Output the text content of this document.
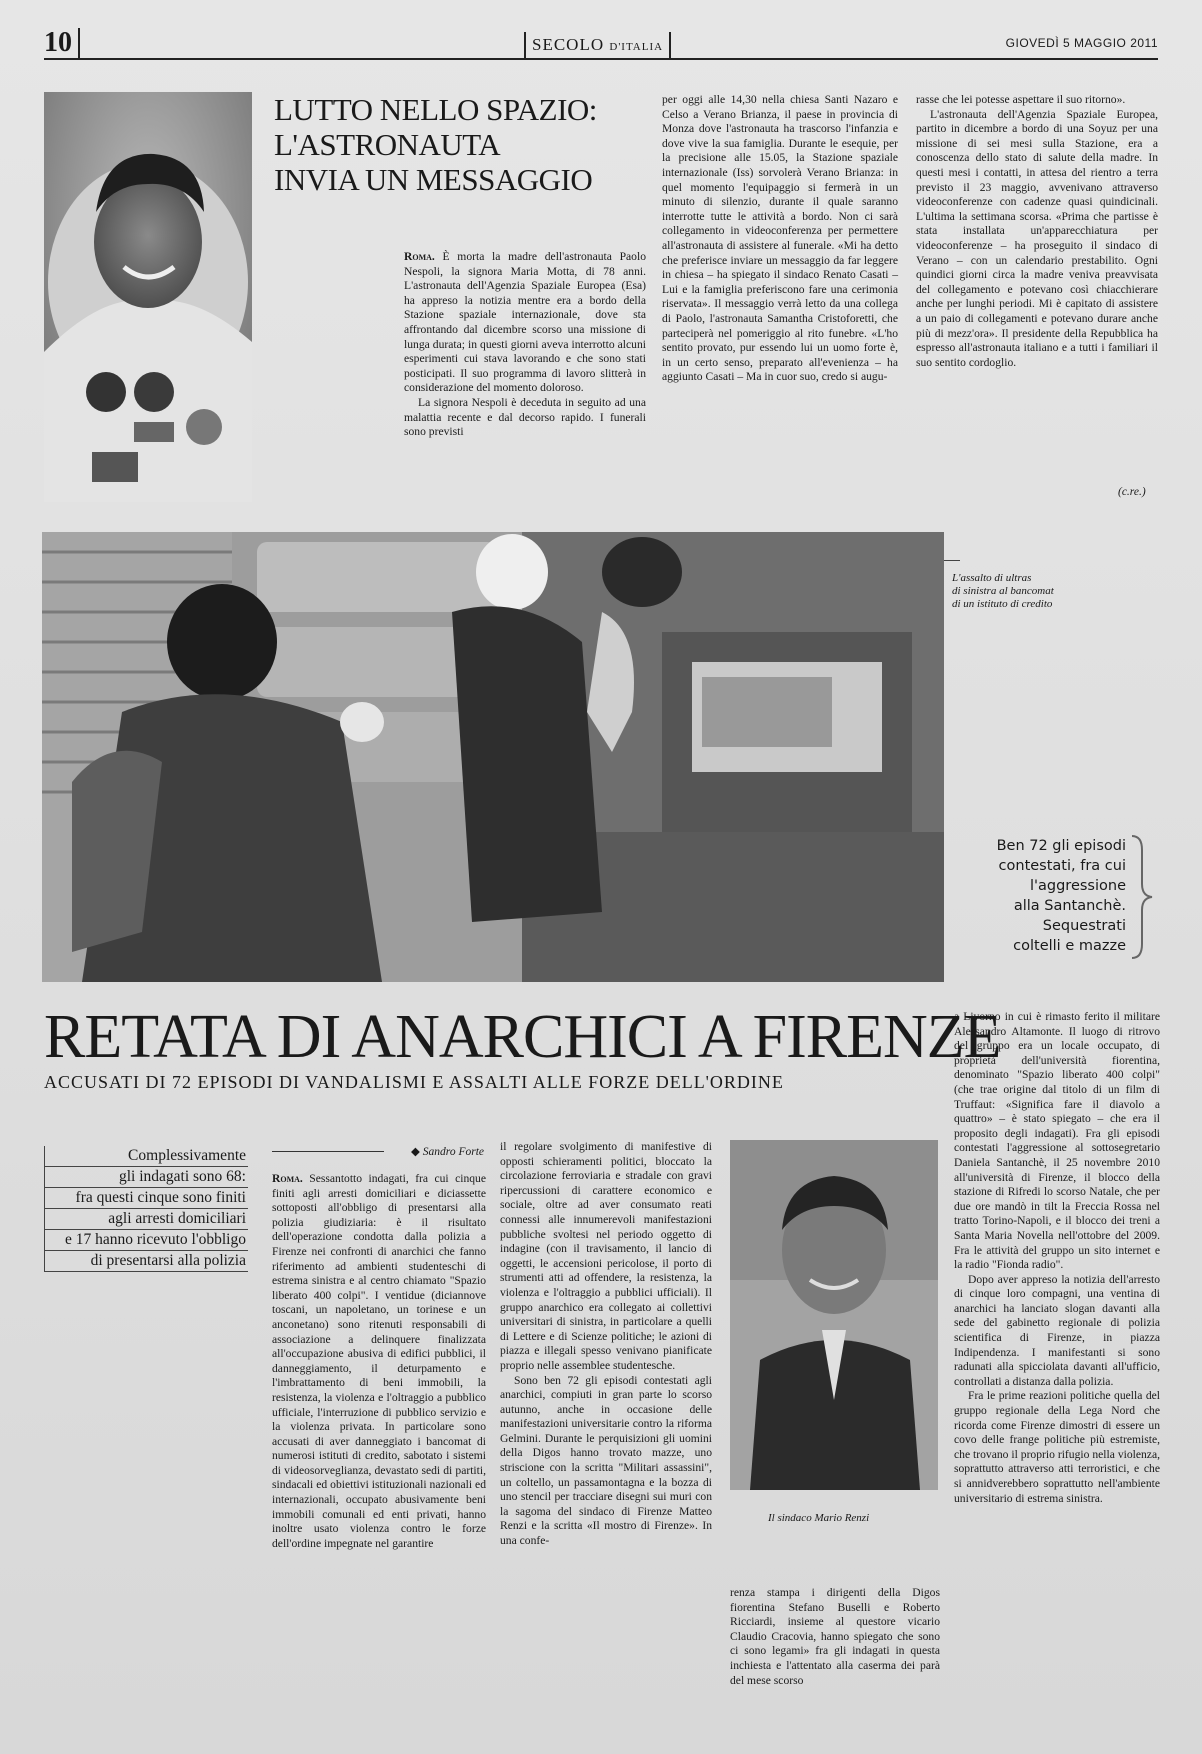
10	SECOLO D'ITALIA	GIOVEDÌ 5 MAGGIO 2011
LUTTO NELLO SPAZIO:
L'ASTRONAUTA
INVIA UN MESSAGGIO

Roma. È morta la madre dell'astronauta Paolo Nespoli, la signora Maria Motta, di 78 anni. L'astronauta dell'Agenzia Spaziale Europea (Esa) ha appreso la notizia mentre era a bordo della Stazione spaziale internazionale, dove sta affrontando dal dicembre scorso una missione di lunga durata; in questi giorni aveva interrotto alcuni esperimenti cui stava lavorando e che sono stati posticipati. Il suo programma di lavoro slitterà in considerazione del momento doloroso.

La signora Nespoli è deceduta in seguito ad una malattia recente e dal decorso rapido. I funerali sono previsti

per oggi alle 14,30 nella chiesa Santi Nazaro e Celso a Verano Brianza, il paese in provincia di Monza dove l'astronauta ha trascorso l'infanzia e dove vive la sua famiglia. Durante le esequie, per la precisione alle 15.05, la Stazione spaziale internazionale (Iss) sorvolerà Verano Brianza: in quel momento l'equipaggio si fermerà in un minuto di silenzio, durante il quale saranno interrotte tutte le attività a bordo. Non ci sarà collegamento in videoconferenza per permettere all'astronauta di assistere al funerale. «Mi ha detto che preferisce inviare un messaggio da far leggere in chiesa – ha spiegato il sindaco Renato Casati – Lui e la famiglia preferiscono fare una cerimonia riservata». Il messaggio verrà letto da una collega di Paolo, l'astronauta Samantha Cristoforetti, che parteciperà nel pomeriggio al rito funebre. «L'ho sentito provato, pur essendo lui un uomo forte è, in un certo senso, preparato all'evenienza – ha aggiunto Casati – Ma in cuor suo, credo si augu-

rasse che lei potesse aspettare il suo ritorno».

L'astronauta dell'Agenzia Spaziale Europea, partito in dicembre a bordo di una Soyuz per una missione di sei mesi sulla Stazione, era a conoscenza dello stato di salute della madre. In questi mesi i contatti, in attesa del rientro a terra previsto il 23 maggio, avvenivano attraverso videoconferenze con cadenze quasi quindicinali. L'ultima la settimana scorsa. «Prima che partisse è stata installata un'apparecchiatura per videoconferenze – ha proseguito il sindaco di Verano – con un calendario prestabilito. Ogni quindici giorni circa la madre veniva preavvisata del collegamento e potevano così chiacchierare anche per lunghi periodi. Mi è capitato di assistere a un paio di collegamenti e potevano durare anche più di mezz'ora». Il presidente della Repubblica ha espresso all'astronauta italiano e a tutti i familiari il suo sentito cordoglio.

(c.re.)
L'assalto di ultras
di sinistra al bancomat
di un istituto di credito
Ben 72 gli episodi
contestati, fra cui
l'aggressione
alla Santanchè.
Sequestrati
coltelli e mazze
RETATA DI ANARCHICI A FIRENZE
ACCUSATI DI 72 EPISODI DI VANDALISMI E ASSALTI ALLE FORZE DELL'ORDINE
Complessivamente
gli indagati sono 68:
fra questi cinque sono finiti
agli arresti domiciliari
e 17 hanno ricevuto l'obbligo
di presentarsi alla polizia
◆ Sandro Forte

Roma. Sessantotto indagati, fra cui cinque finiti agli arresti domiciliari e diciassette sottoposti all'obbligo di presentarsi alla polizia giudiziaria: è il risultato dell'operazione condotta dalla polizia a Firenze nei confronti di anarchici che fanno riferimento ad ambienti studenteschi di estrema sinistra e al centro chiamato "Spazio liberato 400 colpi". I ventidue (diciannove toscani, un napoletano, un torinese e un anconetano) sono ritenuti responsabili di associazione a delinquere finalizzata all'occupazione abusiva di edifici pubblici, il danneggiamento, il deturpamento e l'imbrattamento di beni immobili, la resistenza, la violenza e l'oltraggio a pubblico ufficiale, l'interruzione di pubblico servizio e la violenza privata. In particolare sono accusati di aver danneggiato i bancomat di numerosi istituti di credito, sabotato i sistemi di videosorveglianza, devastato sedi di partiti, sindacali ed obiettivi istituzionali nazionali ed internazionali, occupato abusivamente beni immobili comunali ed enti privati, hanno inoltre usato violenza contro le forze dell'ordine impegnate nel garantire

il regolare svolgimento di manifestive di opposti schieramenti politici, bloccato la circolazione ferroviaria e stradale con gravi ripercussioni di carattere economico e sociale, oltre ad aver consumato reati connessi alle innumerevoli manifestazioni pubbliche svoltesi nel periodo oggetto di indagine (con il travisamento, il lancio di oggetti, le accensioni pericolose, il porto di strumenti atti ad offendere, la resistenza, la violenza e l'oltraggio a pubblici ufficiali). Il gruppo anarchico era collegato ai collettivi universitari di sinistra, in particolare a quelli di Lettere e di Scienze politiche; le azioni di piazza e illegali spesso venivano pianificate proprio nelle assemblee studentesche.

Sono ben 72 gli episodi contestati agli anarchici, compiuti in gran parte lo scorso autunno, anche in occasione delle manifestazioni universitarie contro la riforma Gelmini. Durante le perquisizioni gli uomini della Digos hanno trovato mazze, uno striscione con la scritta "Militari assassini", un coltello, un passamontagna e la bozza di uno stencil per tracciare disegni sui muri con la sagoma del sindaco di Firenze Matteo Renzi e la scritta «Il mostro di Firenze». In una confe-

Il sindaco Mario Renzi

renza stampa i dirigenti della Digos fiorentina Stefano Buselli e Roberto Ricciardi, insieme al questore vicario Claudio Cracovia, hanno spiegato che sono ci sono legami» fra gli indagati in questa inchiesta e l'attentato alla caserma dei parà del mese scorso

a Livorno in cui è rimasto ferito il militare Alessandro Altamonte. Il luogo di ritrovo del gruppo era un locale occupato, di proprietà dell'università fiorentina, denominato "Spazio liberato 400 colpi" (che trae origine dal titolo di un film di Truffaut: «Significa fare il diavolo a quattro» – è stato spiegato – che era il proposito degli indagati). Fra gli episodi contestati l'aggressione al sottosegretario Daniela Santanchè, il 25 novembre 2010 all'università di Firenze, il blocco della stazione di Rifredi lo scorso Natale, che per due ore mandò in tilt la Freccia Rossa nel tratto Torino-Napoli, e il blocco dei treni a Santa Maria Novella nell'ottobre del 2009. Fra le attività del gruppo un sito internet e la radio "Fionda radio".

Dopo aver appreso la notizia dell'arresto di cinque loro compagni, una ventina di anarchici ha lanciato slogan davanti alla sede del gabinetto regionale di polizia scientifica di Firenze, in piazza Indipendenza. I manifestanti si sono radunati alla spicciolata davanti all'ufficio, controllati a distanza dalla polizia.

Fra le prime reazioni politiche quella del gruppo regionale della Lega Nord che ricorda come Firenze dimostri di essere un covo delle frange politiche più estremiste, che trovano il proprio rifugio nella violenza, soprattutto attraverso atti terroristici, e che si annidverebbero soprattutto nell'ambiente universitario di estrema sinistra.
